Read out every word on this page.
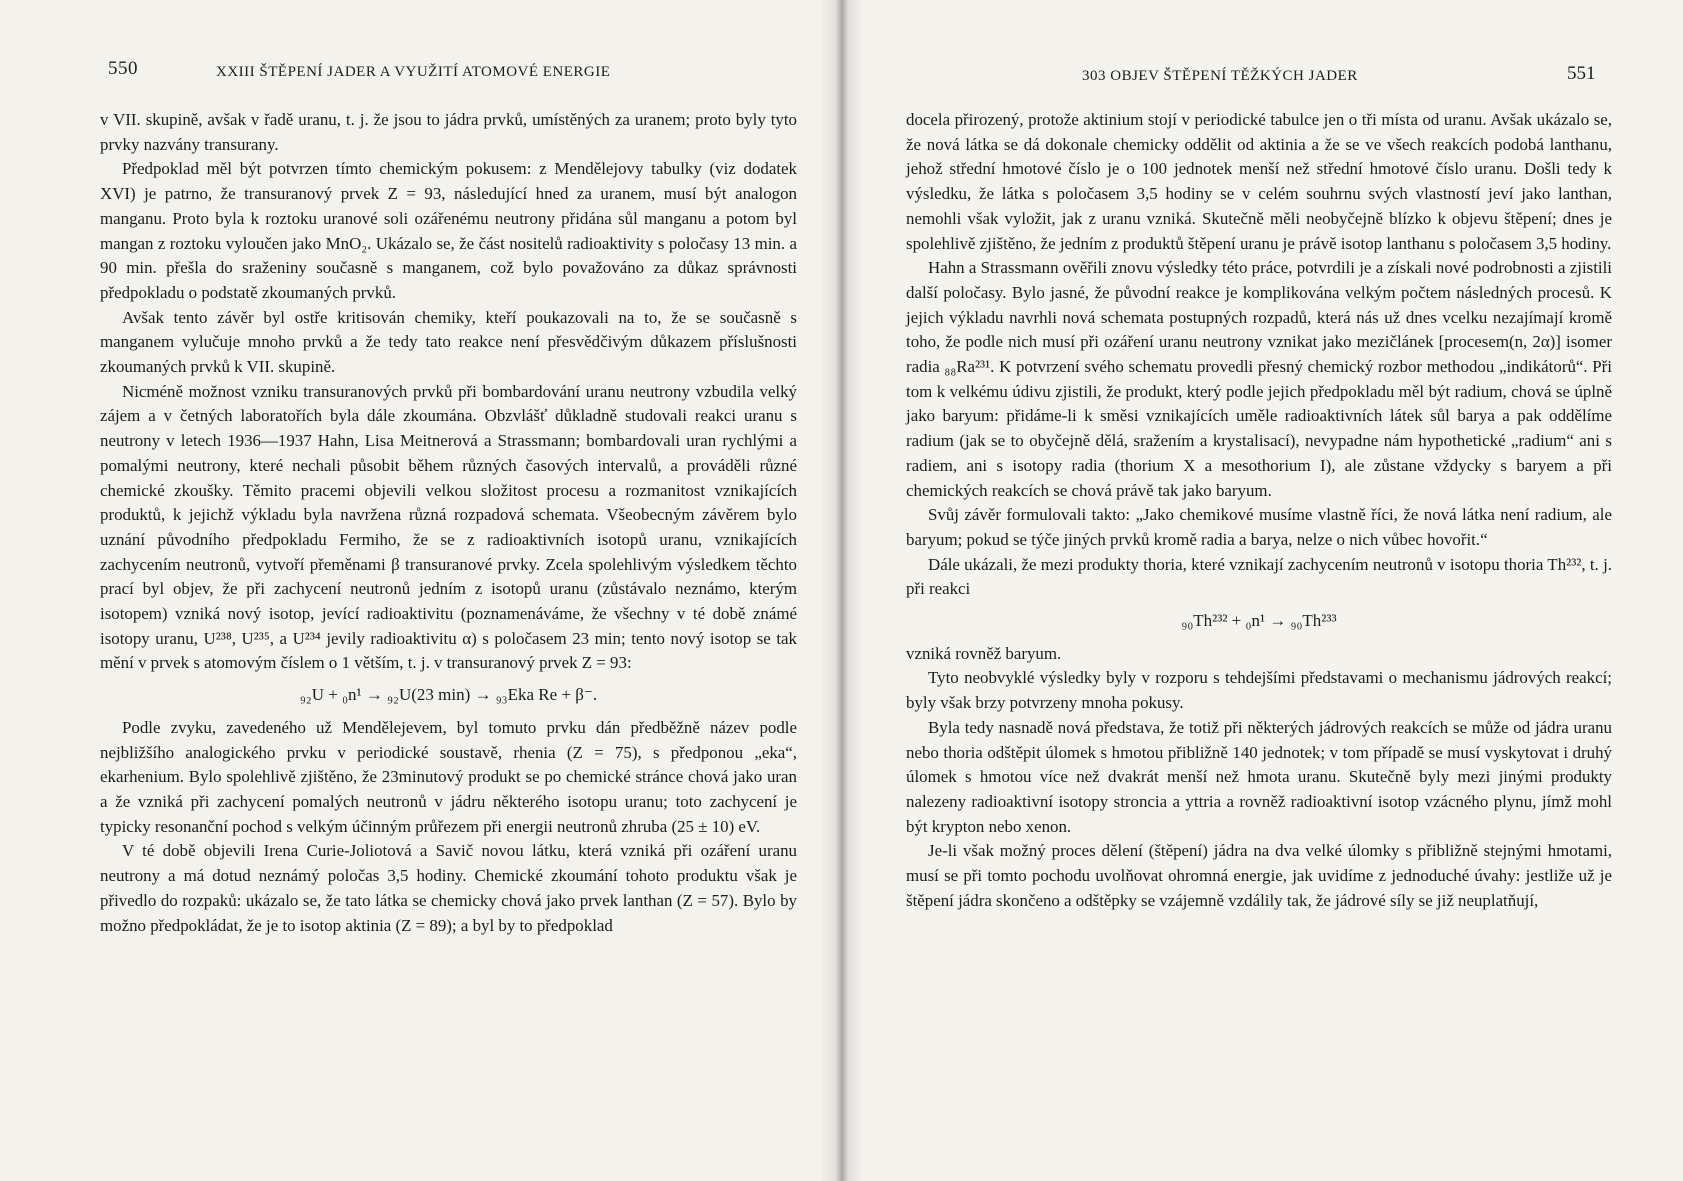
550	XXIII ŠTĚPENÍ JADER A VYUŽITÍ ATOMOVÉ ENERGIE

v VII. skupině, avšak v řadě uranu, t. j. že jsou to jádra prvků, umístěných za uranem; proto byly tyto prvky nazvány transurany.

Předpoklad měl být potvrzen tímto chemickým pokusem: z Mendělejovy tabulky (viz dodatek XVI) je patrno, že transuranový prvek Z = 93, následující hned za uranem, musí být analogon manganu. Proto byla k roztoku uranové soli ozářenému neutrony přidána sůl manganu a potom byl mangan z roztoku vyloučen jako MnO₂. Ukázalo se, že část nositelů radioaktivity s poločasy 13 min. a 90 min. přešla do sraženiny současně s manganem, což bylo považováno za důkaz správnosti předpokladu o podstatě zkoumaných prvků.

Avšak tento závěr byl ostře kritisován chemiky, kteří poukazovali na to, že se současně s manganem vylučuje mnoho prvků a že tedy tato reakce není přesvědčivým důkazem příslušnosti zkoumaných prvků k VII. skupině.

Nicméně možnost vzniku transuranových prvků při bombardování uranu neutrony vzbudila velký zájem a v četných laboratořích byla dále zkoumána. Obzvlášť důkladně studovali reakci uranu s neutrony v letech 1936—1937 Hahn, Lisa Meitnerová a Strassmann; bombardovali uran rychlými a pomalými neutrony, které nechali působit během různých časových intervalů, a prováděli různé chemické zkoušky. Těmito pracemi objevili velkou složitost procesu a rozmanitost vznikajících produktů, k jejichž výkladu byla navržena různá rozpadová schemata. Všeobecným závěrem bylo uznání původního předpokladu Fermiho, že se z radioaktivních isotopů uranu, vznikajících zachycením neutronů, vytvoří přeměnami β transuranové prvky. Zcela spolehlivým výsledkem těchto prací byl objev, že při zachycení neutronů jedním z isotopů uranu (zůstávalo neznámo, kterým isotopem) vzniká nový isotop, jevící radioaktivitu (poznamenáváme, že všechny v té době známé isotopy uranu, U²³⁸, U²³⁵, a U²³⁴ jevily radioaktivitu α) s poločasem 23 min; tento nový isotop se tak mění v prvek s atomovým číslem o 1 větším, t. j. v transuranový prvek Z = 93:

₉₂U + ₀n¹ → ₉₂U(23 min) → ₉₃Eka Re + β⁻.

Podle zvyku, zavedeného už Mendělejevem, byl tomuto prvku dán předběžně název podle nejbližšího analogického prvku v periodické soustavě, rhenia (Z = 75), s předponou „eka“, ekarhenium. Bylo spolehlivě zjištěno, že 23minutový produkt se po chemické stránce chová jako uran a že vzniká při zachycení pomalých neutronů v jádru některého isotopu uranu; toto zachycení je typicky resonanční pochod s velkým účinným průřezem při energii neutronů zhruba (25 ± 10) eV.

V té době objevili Irena Curie-Joliotová a Savič novou látku, která vzniká při ozáření uranu neutrony a má dotud neznámý poločas 3,5 hodiny. Chemické zkoumání tohoto produktu však je přivedlo do rozpaků: ukázalo se, že tato látka se chemicky chová jako prvek lanthan (Z = 57). Bylo by možno předpokládat, že je to isotop aktinia (Z = 89); a byl by to předpoklad

303 OBJEV ŠTĚPENÍ TĚŽKÝCH JADER	551

docela přirozený, protože aktinium stojí v periodické tabulce jen o tři místa od uranu. Avšak ukázalo se, že nová látka se dá dokonale chemicky oddělit od aktinia a že se ve všech reakcích podobá lanthanu, jehož střední hmotové číslo je o 100 jednotek menší než střední hmotové číslo uranu. Došli tedy k výsledku, že látka s poločasem 3,5 hodiny se v celém souhrnu svých vlastností jeví jako lanthan, nemohli však vyložit, jak z uranu vzniká. Skutečně měli neobyčejně blízko k objevu štěpení; dnes je spolehlivě zjištěno, že jedním z produktů štěpení uranu je právě isotop lanthanu s poločasem 3,5 hodiny.

Hahn a Strassmann ověřili znovu výsledky této práce, potvrdili je a získali nové podrobnosti a zjistili další poločasy. Bylo jasné, že původní reakce je komplikována velkým počtem následných procesů. K jejich výkladu navrhli nová schemata postupných rozpadů, která nás už dnes vcelku nezajímají kromě toho, že podle nich musí při ozáření uranu neutrony vznikat jako mezičlánek [procesem(n, 2α)] isomer radia ₈₈Ra²³¹. K potvrzení svého schematu provedli přesný chemický rozbor methodou „indikátorů“. Při tom k velkému údivu zjistili, že produkt, který podle jejich předpokladu měl být radium, chová se úplně jako baryum: přidáme-li k směsi vznikajících uměle radioaktivních látek sůl barya a pak oddělíme radium (jak se to obyčejně dělá, sražením a krystalisací), nevypadne nám hypothetické „radium“ ani s radiem, ani s isotopy radia (thorium X a mesothorium I), ale zůstane vždycky s baryem a při chemických reakcích se chová právě tak jako baryum.

Svůj závěr formulovali takto: „Jako chemikové musíme vlastně říci, že nová látka není radium, ale baryum; pokud se týče jiných prvků kromě radia a barya, nelze o nich vůbec hovořit.“

Dále ukázali, že mezi produkty thoria, které vznikají zachycením neutronů v isotopu thoria Th²³², t. j. při reakci

₉₀Th²³² + ₀n¹ → ₉₀Th²³³

vzniká rovněž baryum.

Tyto neobvyklé výsledky byly v rozporu s tehdejšími představami o mechanismu jádrových reakcí; byly však brzy potvrzeny mnoha pokusy.

Byla tedy nasnadě nová představa, že totiž při některých jádrových reakcích se může od jádra uranu nebo thoria odštěpit úlomek s hmotou přibližně 140 jednotek; v tom případě se musí vyskytovat i druhý úlomek s hmotou více než dvakrát menší než hmota uranu. Skutečně byly mezi jinými produkty nalezeny radioaktivní isotopy stroncia a yttria a rovněž radioaktivní isotop vzácného plynu, jímž mohl být krypton nebo xenon.

Je-li však možný proces dělení (štěpení) jádra na dva velké úlomky s přibližně stejnými hmotami, musí se při tomto pochodu uvolňovat ohromná energie, jak uvidíme z jednoduché úvahy: jestliže už je štěpení jádra skončeno a odštěpky se vzájemně vzdálily tak, že jádrové síly se již neuplatňují,
